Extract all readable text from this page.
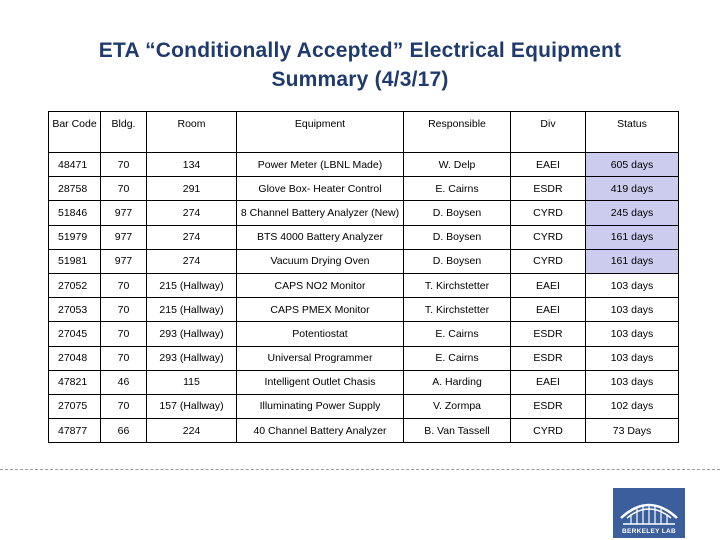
ETA “Conditionally Accepted” Electrical Equipment
Summary (4/3/17)
Bar Code	Bldg.	Room	Equipment	Responsible	Div	Status
48471	70	134	Power Meter (LBNL Made)	W. Delp	EAEI	605 days
28758	70	291	Glove Box- Heater Control	E. Cairns	ESDR	419 days
51846	977	274	8 Channel Battery Analyzer (New)	D. Boysen	CYRD	245 days
51979	977	274	BTS 4000 Battery Analyzer	D. Boysen	CYRD	161 days
51981	977	274	Vacuum Drying Oven	D. Boysen	CYRD	161 days
27052	70	215 (Hallway)	CAPS NO2 Monitor	T. Kirchstetter	EAEI	103 days
27053	70	215 (Hallway)	CAPS PMEX Monitor	T. Kirchstetter	EAEI	103 days
27045	70	293 (Hallway)	Potentiostat	E. Cairns	ESDR	103 days
27048	70	293 (Hallway)	Universal Programmer	E. Cairns	ESDR	103 days
47821	46	115	Intelligent Outlet Chasis	A. Harding	EAEI	103 days
27075	70	157 (Hallway)	Illuminating Power Supply	V. Zormpa	ESDR	102 days
47877	66	224	40 Channel Battery Analyzer	B. Van Tassell	CYRD	73 Days
BERKELEY LAB
